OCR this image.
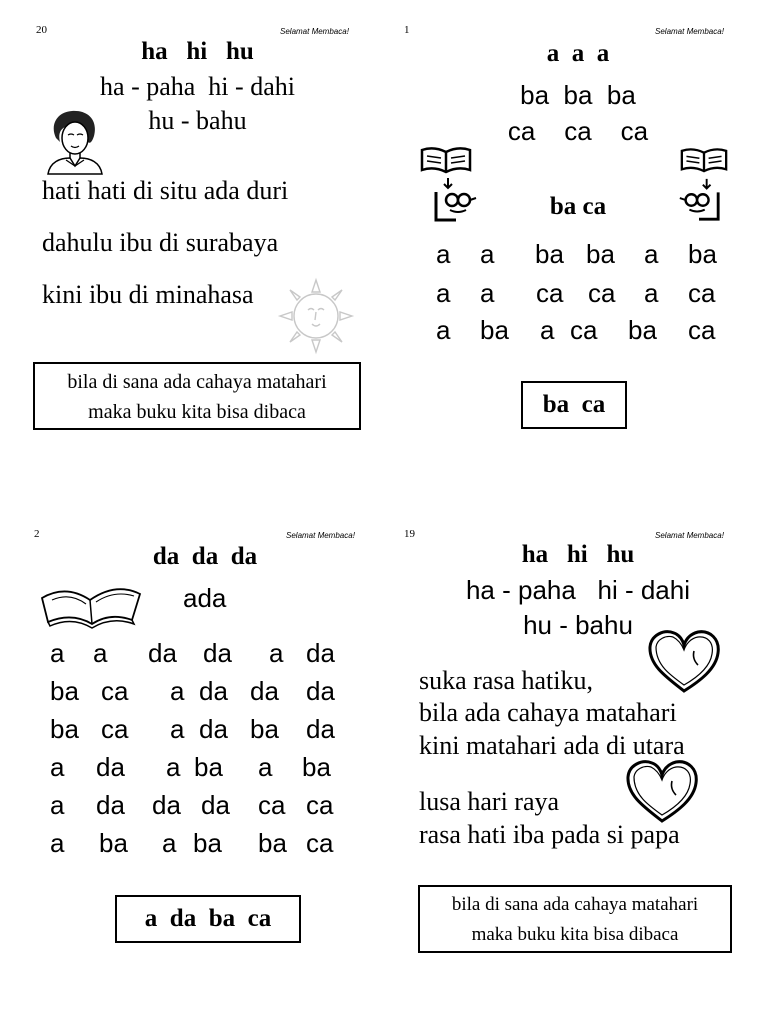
20	Selamat Membaca!
ha   hi   hu
ha - paha  hi - dahi
hu - bahu
hati hati di situ ada duri
dahulu ibu di surabaya
kini ibu di minahasa
bila di sana ada cahaya matahari
maka buku kita bisa dibaca
1	Selamat Membaca!
a  a  a
ba  ba  ba
ca    ca    ca
ba ca
a a ba ba a ba
a a ca ca a ca
a ba a ca ba ca
ba  ca
2	Selamat Membaca!
da  da  da
ada
a a da da a da
ba ca a da da da
ba ca a da ba da
a da a ba a ba
a da da da ca ca
a ba a ba ba ca
a  da  ba  ca
19	Selamat Membaca!
ha   hi   hu
ha - paha   hi - dahi
hu - bahu
suka rasa hatiku,
bila ada cahaya matahari
kini matahari ada di utara
lusa hari raya
rasa hati iba pada si papa
bila di sana ada cahaya matahari
maka buku kita bisa dibaca
